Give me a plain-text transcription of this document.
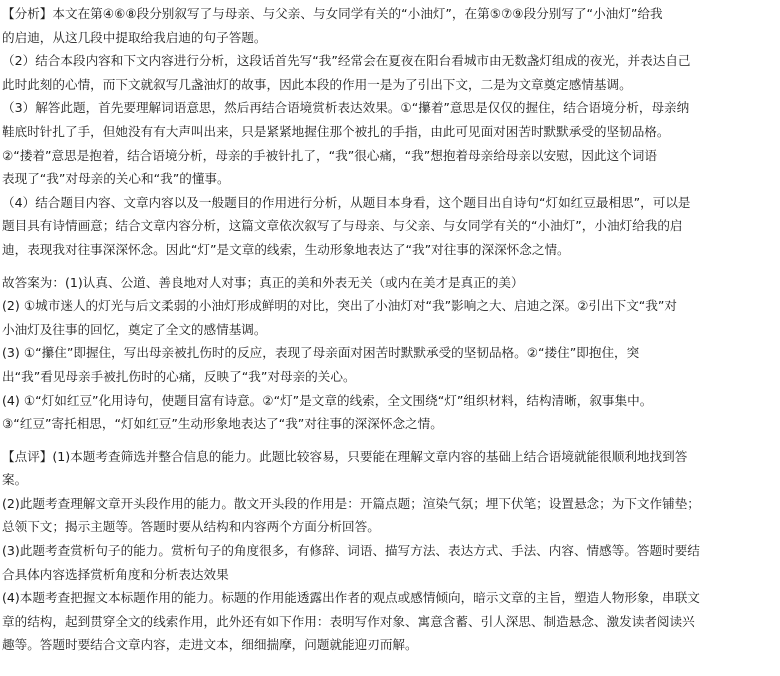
【分析】本文在第④⑥⑧段分别叙写了与母亲、与父亲、与女同学有关的“小油灯”，在第⑤⑦⑨段分别写了“小油灯”给我
的启迪，从这几段中提取给我启迪的句子答题。
（2）结合本段内容和下文内容进行分析，这段话首先写“我”经常会在夏夜在阳台看城市由无数盏灯组成的夜光，并表达自己
此时此刻的心情，而下文就叙写几盏油灯的故事，因此本段的作用一是为了引出下文，二是为文章奠定感情基调。
（3）解答此题，首先要理解词语意思，然后再结合语境赏析表达效果。①“攥着”意思是仅仅的握住，结合语境分析，母亲纳
鞋底时针扎了手，但她没有有大声叫出来，只是紧紧地握住那个被扎的手指，由此可见面对困苦时默默承受的坚韧品格。
②“搂着”意思是抱着，结合语境分析，母亲的手被针扎了，“我”很心痛，“我”想抱着母亲给母亲以安慰，因此这个词语
表现了“我”对母亲的关心和“我”的懂事。
（4）结合题目内容、文章内容以及一般题目的作用进行分析，从题目本身看，这个题目出自诗句“灯如红豆最相思”，可以是
题目具有诗情画意；结合文章内容分析，这篇文章依次叙写了与母亲、与父亲、与女同学有关的“小油灯”，小油灯给我的启
迪，表现我对往事深深怀念。因此“灯”是文章的线索，生动形象地表达了“我”对往事的深深怀念之情。
故答案为：(1)认真、公道、善良地对人对事；真正的美和外表无关（或内在美才是真正的美）
(2) ①城市迷人的灯光与后文柔弱的小油灯形成鲜明的对比，突出了小油灯对“我”影响之大、启迪之深。②引出下文“我”对
小油灯及往事的回忆，奠定了全文的感情基调。
(3) ①“攥住”即握住，写出母亲被扎伤时的反应，表现了母亲面对困苦时默默承受的坚韧品格。②“搂住”即抱住，突
出“我”看见母亲手被扎伤时的心痛，反映了“我”对母亲的关心。
(4) ①“灯如红豆”化用诗句，使题目富有诗意。②“灯”是文章的线索，全文围绕“灯”组织材料，结构清晰，叙事集中。
③“红豆”寄托相思，“灯如红豆”生动形象地表达了“我”对往事的深深怀念之情。
【点评】(1)本题考查筛选并整合信息的能力。此题比较容易，只要能在理解文章内容的基础上结合语境就能很顺利地找到答
案。
(2)此题考查理解文章开头段作用的能力。散文开头段的作用是：开篇点题；渲染气氛；埋下伏笔；设置悬念；为下文作铺垫；
总领下文；揭示主题等。答题时要从结构和内容两个方面分析回答。
(3)此题考查赏析句子的能力。赏析句子的角度很多，有修辞、词语、描写方法、表达方式、手法、内容、情感等。答题时要结
合具体内容选择赏析角度和分析表达效果
(4)本题考查把握文本标题作用的能力。标题的作用能透露出作者的观点或感情倾向，暗示文章的主旨，塑造人物形象，串联文
章的结构，起到贯穿全文的线索作用，此外还有如下作用：表明写作对象、寓意含蓄、引人深思、制造悬念、激发读者阅读兴
趣等。答题时要结合文章内容，走进文本，细细揣摩，问题就能迎刃而解。
